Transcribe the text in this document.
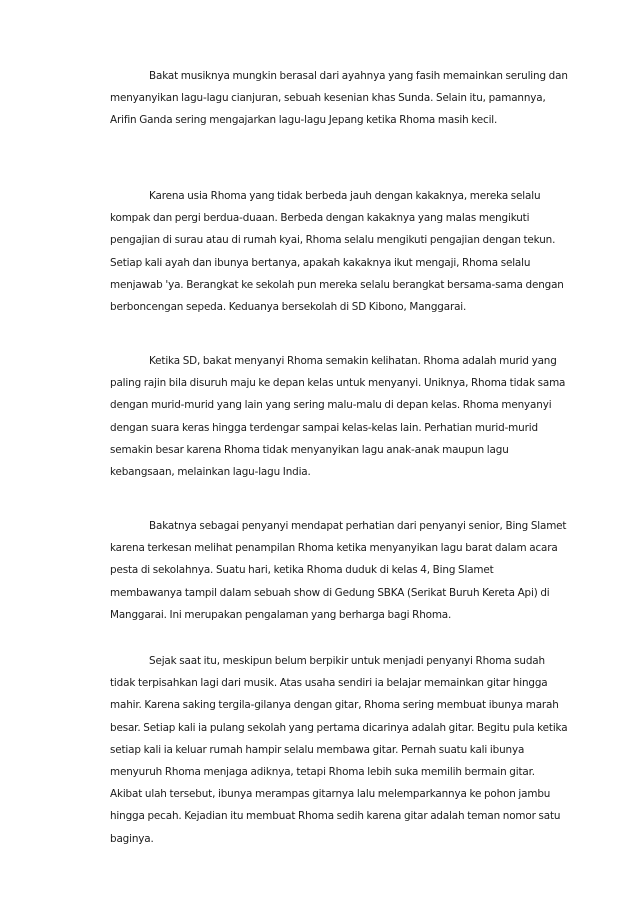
Bakat musiknya mungkin berasal dari ayahnya yang fasih memainkan seruling dan menyanyikan lagu-lagu cianjuran, sebuah kesenian khas Sunda. Selain itu, pamannya, Arifin Ganda sering mengajarkan lagu-lagu Jepang ketika Rhoma masih kecil.

Karena usia Rhoma yang tidak berbeda jauh dengan kakaknya, mereka selalu kompak dan pergi berdua-duaan. Berbeda dengan kakaknya yang malas mengikuti pengajian di surau atau di rumah kyai, Rhoma selalu mengikuti pengajian dengan tekun. Setiap kali ayah dan ibunya bertanya, apakah kakaknya ikut mengaji, Rhoma selalu menjawab 'ya. Berangkat ke sekolah pun mereka selalu berangkat bersama-sama dengan berboncengan sepeda. Keduanya bersekolah di SD Kibono, Manggarai.

Ketika SD, bakat menyanyi Rhoma semakin kelihatan. Rhoma adalah murid yang paling rajin bila disuruh maju ke depan kelas untuk menyanyi. Uniknya, Rhoma tidak sama dengan murid-murid yang lain yang sering malu-malu di depan kelas. Rhoma menyanyi dengan suara keras hingga terdengar sampai kelas-kelas lain. Perhatian murid-murid semakin besar karena Rhoma tidak menyanyikan lagu anak-anak maupun lagu kebangsaan, melainkan lagu-lagu India.

Bakatnya sebagai penyanyi mendapat perhatian dari penyanyi senior, Bing Slamet karena terkesan melihat penampilan Rhoma ketika menyanyikan lagu barat dalam acara pesta di sekolahnya. Suatu hari, ketika Rhoma duduk di kelas 4, Bing Slamet membawanya tampil dalam sebuah show di Gedung SBKA (Serikat Buruh Kereta Api) di Manggarai. Ini merupakan pengalaman yang berharga bagi Rhoma.

Sejak saat itu, meskipun belum berpikir untuk menjadi penyanyi Rhoma sudah tidak terpisahkan lagi dari musik. Atas usaha sendiri ia belajar memainkan gitar hingga mahir. Karena saking tergila-gilanya dengan gitar, Rhoma sering membuat ibunya marah besar. Setiap kali ia pulang sekolah yang pertama dicarinya adalah gitar. Begitu pula ketika setiap kali ia keluar rumah hampir selalu membawa gitar. Pernah suatu kali ibunya menyuruh Rhoma menjaga adiknya, tetapi Rhoma lebih suka memilih bermain gitar. Akibat ulah tersebut, ibunya merampas gitarnya lalu melemparkannya ke pohon jambu hingga pecah. Kejadian itu membuat Rhoma sedih karena gitar adalah teman nomor satu baginya.
